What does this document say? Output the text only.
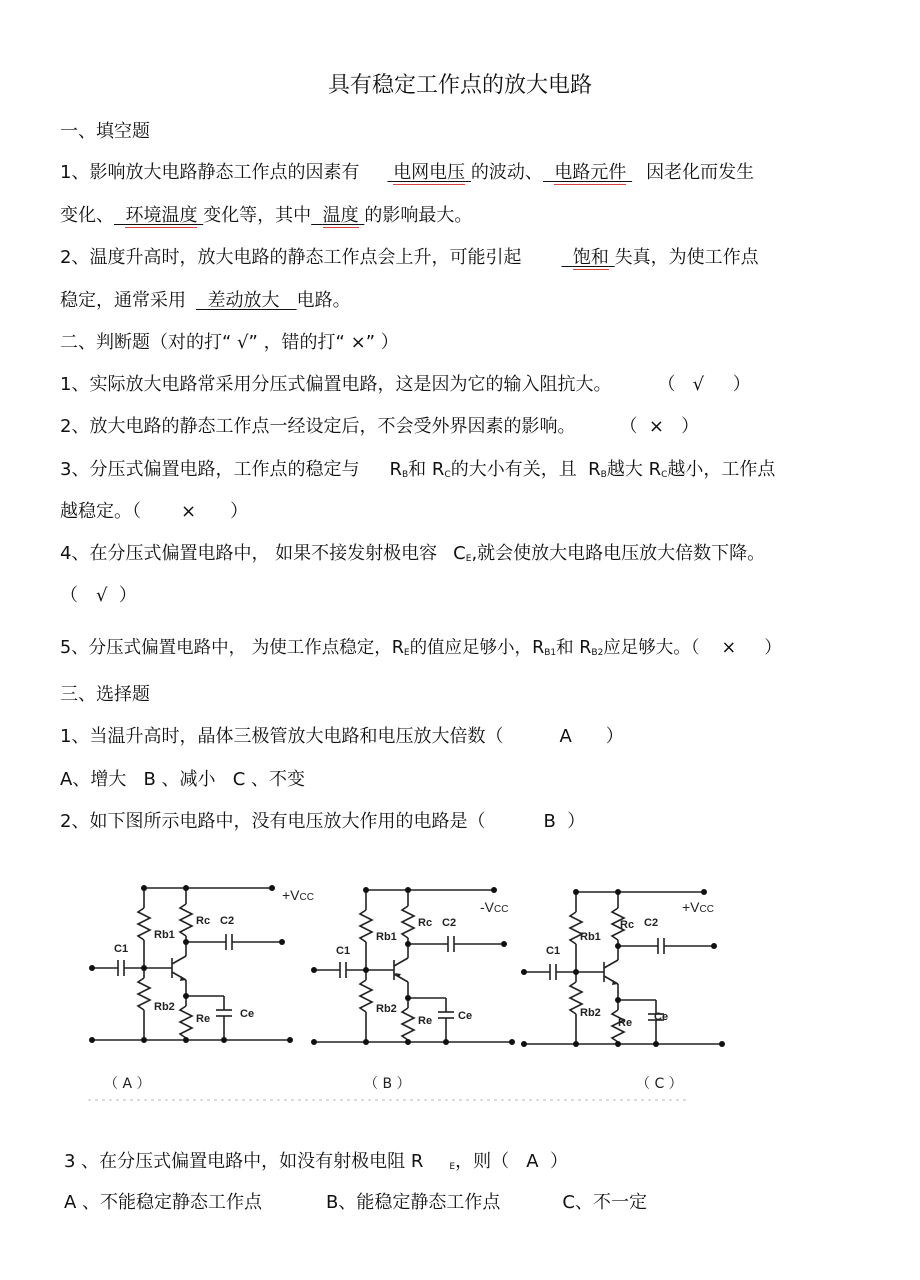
具有稳定工作点的放大电路
一、填空题
1、影响放大电路静态工作点的因素有 电网电压 的波动、 电路元件 因老化而发生
变化、 环境温度 变化等，其中 温度 的影响最大。
2、温度升高时，放大电路的静态工作点会上升，可能引起	饱和 失真，为使工作点
稳定，通常采用 差动放大 电路。
二、判断题（对的打“ √” ，错的打“ ×” ）
1、实际放大电路常采用分压式偏置电路，这是因为它的输入阻抗大。	（   √     ）
2、放大电路的静态工作点一经设定后，不会受外界因素的影响。 （  ×   ）
3、分压式偏置电路，工作点的稳定与 $R_B$和 $R_C$的大小有关，且 $R_B$越大 $R_C$越小，工作点
越稳定。（ × ）
4、在分压式偏置电路中， 如果不接发射极电容 $C_E$,就会使放大电路电压放大倍数下降。
（ √  ）
5、分压式偏置电路中， 为使工作点稳定，$R_E$的值应足够小，$R_{B1}$和 $R_{B2}$应足够大。（ × ）
三、选择题
1、当温升高时，晶体三极管放大电路和电压放大倍数（	A ）
A、增大   B 、减小   C 、不变
2、如下图所示电路中，没有电压放大作用的电路是（	B  ）
Rb1
Rc C2
C1
Rb2
Re	Ce
Rb1
Rc C2
C1
Rb2
Re Ce
Rb1
Rc C2
C1
Rb2
Re Ce
+VCC
-VCC	+VCC
（ A ）	（ B ）	（ C ）
3 、在分压式偏置电路中，如没有射极电阻 R	$_E$，则（ A ）
A 、不能稳定静态工作点	B、能稳定静态工作点	C、不一定
